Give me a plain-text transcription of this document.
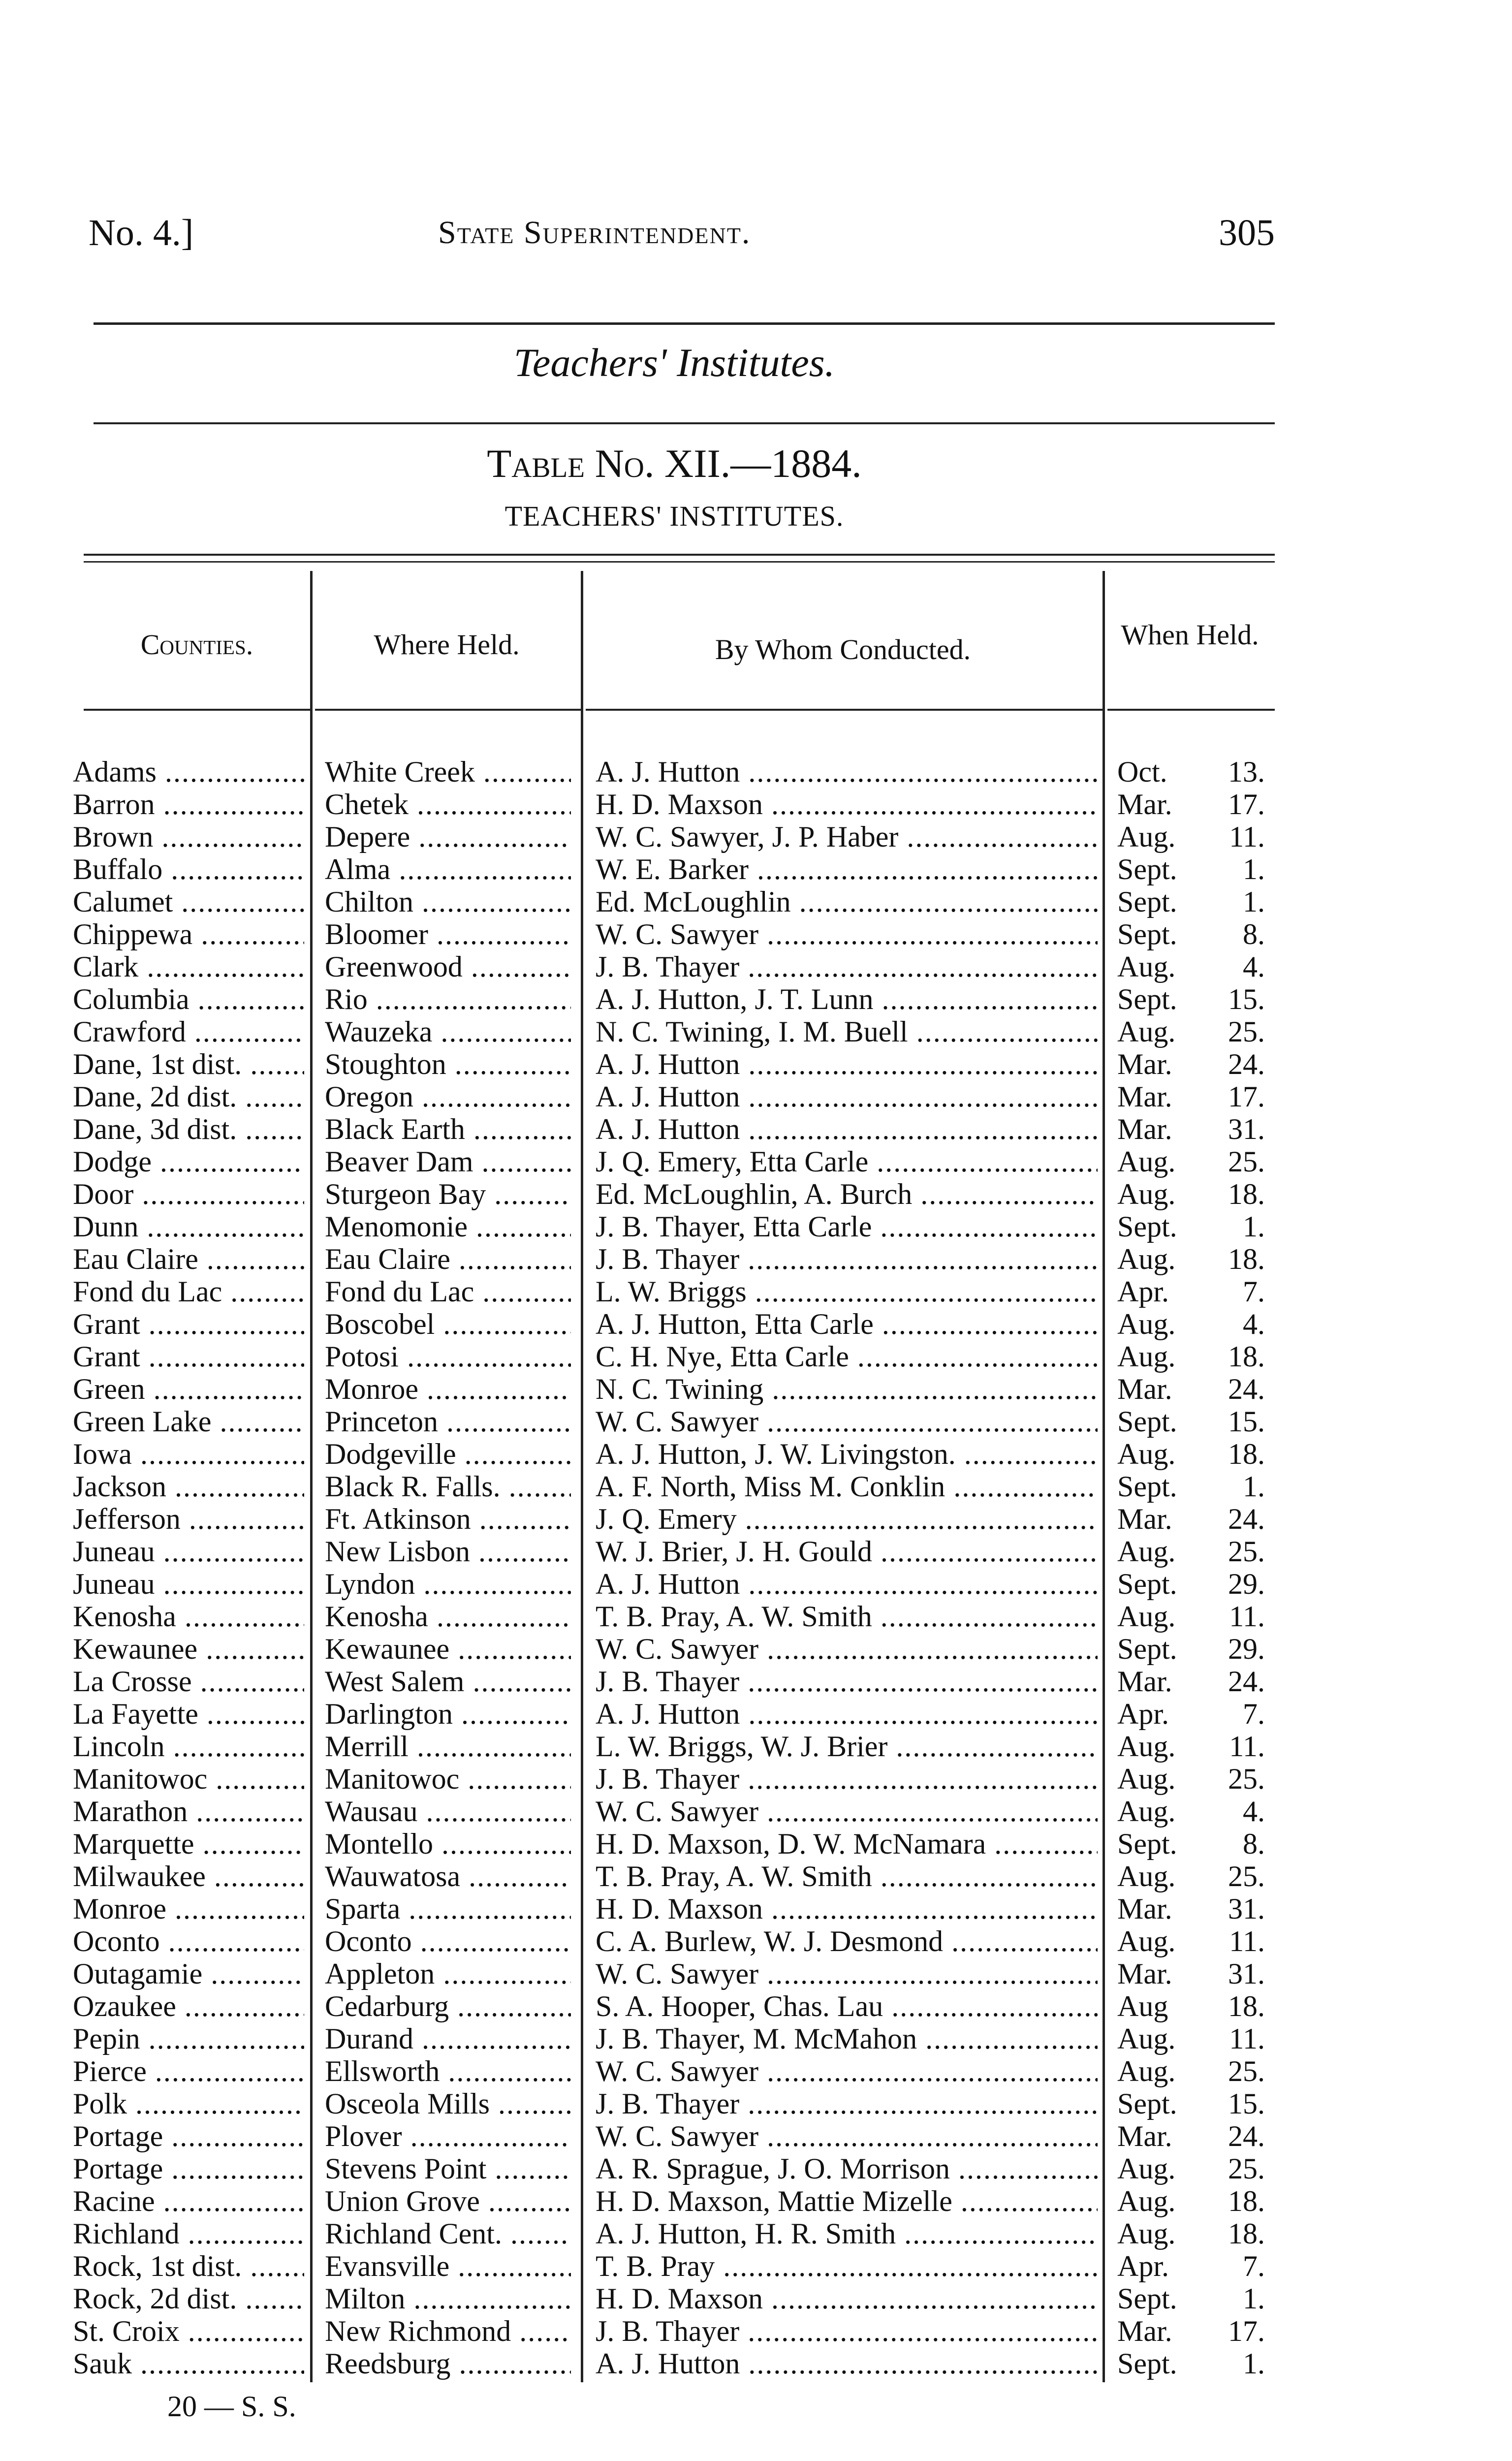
No. 4.]	State Superintendent.	305
Teachers' Institutes.
Table No. XII.—1884.
TEACHERS' INSTITUTES.
Counties.	Where Held.	By Whom Conducted.	When Held.
Adams .....	White Creek .....	A. J. Hutton .....	Oct.	13.
Barron .....	Chetek .....	H. D. Maxson .....	Mar.	17.
Brown .....	Depere .....	W. C. Sawyer, J. P. Haber .....	Aug.	11.
Buffalo .....	Alma .....	W. E. Barker .....	Sept.	1.
Calumet .....	Chilton .....	Ed. McLoughlin .....	Sept.	1.
Chippewa .....	Bloomer .....	W. C. Sawyer .....	Sept.	8.
Clark .....	Greenwood .....	J. B. Thayer .....	Aug.	4.
Columbia .....	Rio .....	A. J. Hutton, J. T. Lunn .....	Sept.	15.
Crawford .....	Wauzeka .....	N. C. Twining, I. M. Buell .....	Aug.	25.
Dane, 1st dist. .....	Stoughton .....	A. J. Hutton .....	Mar.	24.
Dane, 2d dist. .....	Oregon .....	A. J. Hutton .....	Mar.	17.
Dane, 3d dist. .....	Black Earth .....	A. J. Hutton .....	Mar.	31.
Dodge .....	Beaver Dam .....	J. Q. Emery, Etta Carle .....	Aug.	25.
Door .....	Sturgeon Bay .....	Ed. McLoughlin, A. Burch .....	Aug.	18.
Dunn .....	Menomonie .....	J. B. Thayer, Etta Carle .....	Sept.	1.
Eau Claire .....	Eau Claire .....	J. B. Thayer .....	Aug.	18.
Fond du Lac .....	Fond du Lac .....	L. W. Briggs .....	Apr.	7.
Grant .....	Boscobel .....	A. J. Hutton, Etta Carle .....	Aug.	4.
Grant .....	Potosi .....	C. H. Nye, Etta Carle .....	Aug.	18.
Green .....	Monroe .....	N. C. Twining .....	Mar.	24.
Green Lake .....	Princeton .....	W. C. Sawyer .....	Sept.	15.
Iowa .....	Dodgeville .....	A. J. Hutton, J. W. Livingston. .....	Aug.	18.
Jackson .....	Black R. Falls. .....	A. F. North, Miss M. Conklin .....	Sept.	1.
Jefferson .....	Ft. Atkinson .....	J. Q. Emery .....	Mar.	24.
Juneau .....	New Lisbon .....	W. J. Brier, J. H. Gould .....	Aug.	25.
Juneau .....	Lyndon .....	A. J. Hutton .....	Sept.	29.
Kenosha .....	Kenosha .....	T. B. Pray, A. W. Smith .....	Aug.	11.
Kewaunee .....	Kewaunee .....	W. C. Sawyer .....	Sept.	29.
La Crosse .....	West Salem .....	J. B. Thayer .....	Mar.	24.
La Fayette .....	Darlington .....	A. J. Hutton .....	Apr.	7.
Lincoln .....	Merrill .....	L. W. Briggs, W. J. Brier .....	Aug.	11.
Manitowoc .....	Manitowoc .....	J. B. Thayer .....	Aug.	25.
Marathon .....	Wausau .....	W. C. Sawyer .....	Aug.	4.
Marquette .....	Montello .....	H. D. Maxson, D. W. McNamara .....	Sept.	8.
Milwaukee .....	Wauwatosa .....	T. B. Pray, A. W. Smith .....	Aug.	25.
Monroe .....	Sparta .....	H. D. Maxson .....	Mar.	31.
Oconto .....	Oconto .....	C. A. Burlew, W. J. Desmond .....	Aug.	11.
Outagamie .....	Appleton .....	W. C. Sawyer .....	Mar.	31.
Ozaukee .....	Cedarburg .....	S. A. Hooper, Chas. Lau .....	Aug	18.
Pepin .....	Durand .....	J. B. Thayer, M. McMahon .....	Aug.	11.
Pierce .....	Ellsworth .....	W. C. Sawyer .....	Aug.	25.
Polk .....	Osceola Mills .....	J. B. Thayer .....	Sept.	15.
Portage .....	Plover .....	W. C. Sawyer .....	Mar.	24.
Portage .....	Stevens Point .....	A. R. Sprague, J. O. Morrison .....	Aug.	25.
Racine .....	Union Grove .....	H. D. Maxson, Mattie Mizelle .....	Aug.	18.
Richland .....	Richland Cent. .....	A. J. Hutton, H. R. Smith .....	Aug.	18.
Rock, 1st dist. .....	Evansville .....	T. B. Pray .....	Apr.	7.
Rock, 2d dist. .....	Milton .....	H. D. Maxson .....	Sept.	1.
St. Croix .....	New Richmond .....	J. B. Thayer .....	Mar.	17.
Sauk .....	Reedsburg .....	A. J. Hutton .....	Sept.	1.
20 — S. S.
